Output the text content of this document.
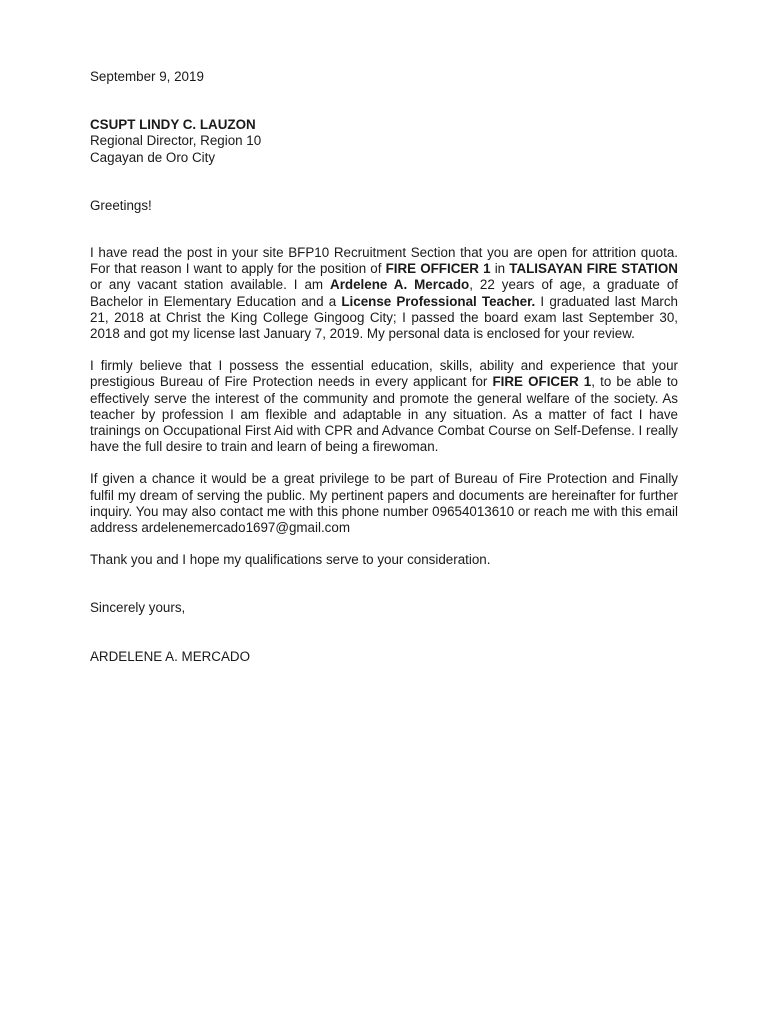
September 9, 2019

CSUPT LINDY C. LAUZON
Regional Director, Region 10
Cagayan de Oro City

Greetings!

I have read the post in your site BFP10 Recruitment Section that you are open for attrition quota. For that reason I want to apply for the position of FIRE OFFICER 1 in TALISAYAN FIRE STATION or any vacant station available. I am Ardelene A. Mercado, 22 years of age, a graduate of Bachelor in Elementary Education and a License Professional Teacher. I graduated last March 21, 2018 at Christ the King College Gingoog City; I passed the board exam last September 30, 2018 and got my license last January 7, 2019. My personal data is enclosed for your review.

I firmly believe that I possess the essential education, skills, ability and experience that your prestigious Bureau of Fire Protection needs in every applicant for FIRE OFICER 1, to be able to effectively serve the interest of the community and promote the general welfare of the society. As teacher by profession I am flexible and adaptable in any situation. As a matter of fact I have trainings on Occupational First Aid with CPR and Advance Combat Course on Self-Defense. I really have the full desire to train and learn of being a firewoman.

If given a chance it would be a great privilege to be part of Bureau of Fire Protection and Finally fulfil my dream of serving the public. My pertinent papers and documents are hereinafter for further inquiry. You may also contact me with this phone number 09654013610 or reach me with this email address ardelenemercado1697@gmail.com

Thank you and I hope my qualifications serve to your consideration.

Sincerely yours,

ARDELENE A. MERCADO
